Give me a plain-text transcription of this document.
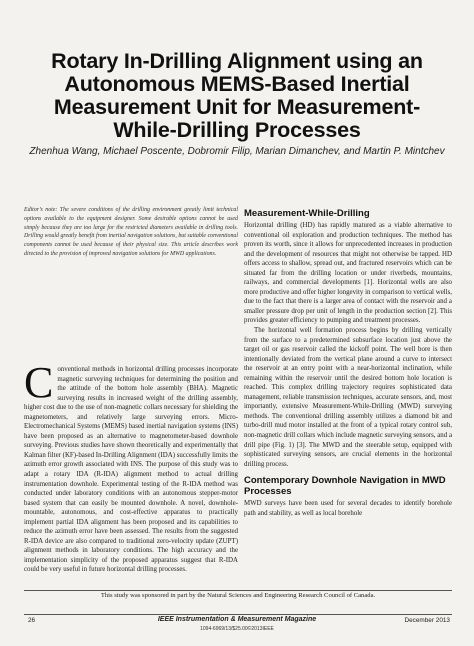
Rotary In-Drilling Alignment using an
Autonomous MEMS-Based Inertial
Measurement Unit for Measurement-
While-Drilling Processes
Zhenhua Wang, Michael Poscente, Dobromir Filip, Marian Dimanchev, and Martin P. Mintchev

Editor’s note: The severe conditions of the drilling environment greatly limit technical options available to the equipment designer. Some desirable options cannot be used simply because they are too large for the restricted diameters available in drilling tools. Drilling would greatly benefit from inertial navigation solutions, but suitable conventional components cannot be used because of their physical size. This article describes work directed to the provision of improved navigation solutions for MWD applications.

C onventional methods in horizontal drilling processes incorporate magnetic surveying techniques for determining the position and the attitude of the bottom hole assembly (BHA). Magnetic surveying results in increased weight of the drilling assembly, higher cost due to the use of non-magnetic collars necessary for shielding the magnetometers, and relatively large surveying errors. Micro-Electromechanical Systems (MEMS) based inertial navigation systems (INS) have been proposed as an alternative to magnetometer-based downhole surveying. Previous studies have shown theoretically and experimentally that Kalman filter (KF)-based In-Drilling Alignment (IDA) successfully limits the azimuth error growth associated with INS. The purpose of this study was to adapt a rotary IDA (R-IDA) alignment method to actual drilling instrumentation downhole. Experimental testing of the R-IDA method was conducted under laboratory conditions with an autonomous stepper-motor based system that can easily be mounted downhole. A novel, downhole-mountable, autonomous, and cost-effective apparatus to practically implement partial IDA alignment has been proposed and its capabilities to reduce the azimuth error have been assessed. The results from the suggested R-IDA device are also compared to traditional zero-velocity update (ZUPT) alignment methods in laboratory conditions. The high accuracy and the implementation simplicity of the proposed apparatus suggest that R-IDA could be very useful in future horizontal drilling processes.
Measurement-While-Drilling

Horizontal drilling (HD) has rapidly matured as a viable alternative to conventional oil exploration and production techniques. The method has proven its worth, since it allows for unprecedented increases in production and the development of resources that might not otherwise be tapped. HD offers access to shallow, spread out, and fractured reservoirs which can be situated far from the drilling location or under riverbeds, mountains, railways, and commercial developments [1]. Horizontal wells are also more productive and offer higher longevity in comparison to vertical wells, due to the fact that there is a larger area of contact with the reservoir and a smaller pressure drop per unit of length in the production section [2]. This provides greater efficiency to pumping and treatment processes.

The horizontal well formation process begins by drilling vertically from the surface to a predetermined subsurface location just above the target oil or gas reservoir called the kickoff point. The well bore is then intentionally deviated from the vertical plane around a curve to intersect the reservoir at an entry point with a near-horizontal inclination, while remaining within the reservoir until the desired bottom hole location is reached. This complex drilling trajectory requires sophisticated data management, reliable transmission techniques, accurate sensors, and, most importantly, extensive Measurement-While-Drilling (MWD) surveying methods. The conventional drilling assembly utilizes a diamond bit and turbo-drill mud motor installed at the front of a typical rotary control sub, non-magnetic drill collars which include magnetic surveying sensors, and a drill pipe (Fig. 1) [3]. The MWD and the steerable setup, equipped with sophisticated surveying sensors, are crucial elements in the horizontal drilling process.

Contemporary Downhole Navigation in MWD Processes

MWD surveys have been used for several decades to identify borehole path and stability, as well as local borehole

This study was sponsored in part by the Natural Sciences and Engineering Research Council of Canada.
26	IEEE Instrumentation & Measurement Magazine
1094-6969/13/$25.00©2013IEEE
December 2013
